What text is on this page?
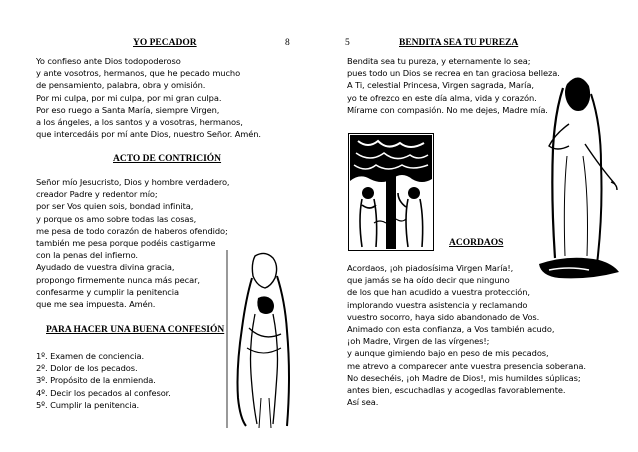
YO PECADOR	8
Yo confieso ante Dios todopoderoso
y ante vosotros, hermanos, que he pecado mucho
de pensamiento, palabra, obra y omisión.
Por mi culpa, por mi culpa, por mi gran culpa.
Por eso ruego a Santa María, siempre Virgen,
a los ángeles, a los santos y a vosotras, hermanos,
que intercedáis por mí ante Dios, nuestro Señor. Amén.
ACTO DE CONTRICIÓN
Señor mío Jesucristo, Dios y hombre verdadero,
creador Padre y redentor mío;
por ser Vos quien sois, bondad infinita,
y porque os amo sobre todas las cosas,
me pesa de todo corazón de haberos ofendido;
también me pesa porque podéis castigarme
con la penas del infierno.
Ayudado de vuestra divina gracia,
propongo firmemente nunca más pecar,
confesarme y cumplir la penitencia
que me sea impuesta. Amén.
PARA HACER UNA BUENA CONFESIÓN
1º. Examen de conciencia.
2º. Dolor de los pecados.
3º. Propósito de la enmienda.
4º. Decir los pecados al confesor.
5º. Cumplir la penitencia.
5	BENDITA SEA TU PUREZA
Bendita sea tu pureza, y eternamente lo sea;
pues todo un Dios se recrea en tan graciosa belleza.
A Ti, celestial Princesa, Virgen sagrada, María,
yo te ofrezco en este día alma, vida y corazón.
Mírame con compasión. No me dejes, Madre mía.
ACORDAOS
Acordaos, ¡oh piadosísima Virgen María!,
que jamás se ha oído decir que ninguno
de los que han acudido a vuestra protección,
implorando vuestra asistencia y reclamando
vuestro socorro, haya sido abandonado de Vos.
Animado con esta confianza, a Vos también acudo,
¡oh Madre, Virgen de las vírgenes!;
y aunque gimiendo bajo en peso de mis pecados,
me atrevo a comparecer ante vuestra presencia soberana.
No desechéis, ¡oh Madre de Dios!, mis humildes súplicas;
antes bien, escuchadlas y acogedlas favorablemente.
Así sea.
